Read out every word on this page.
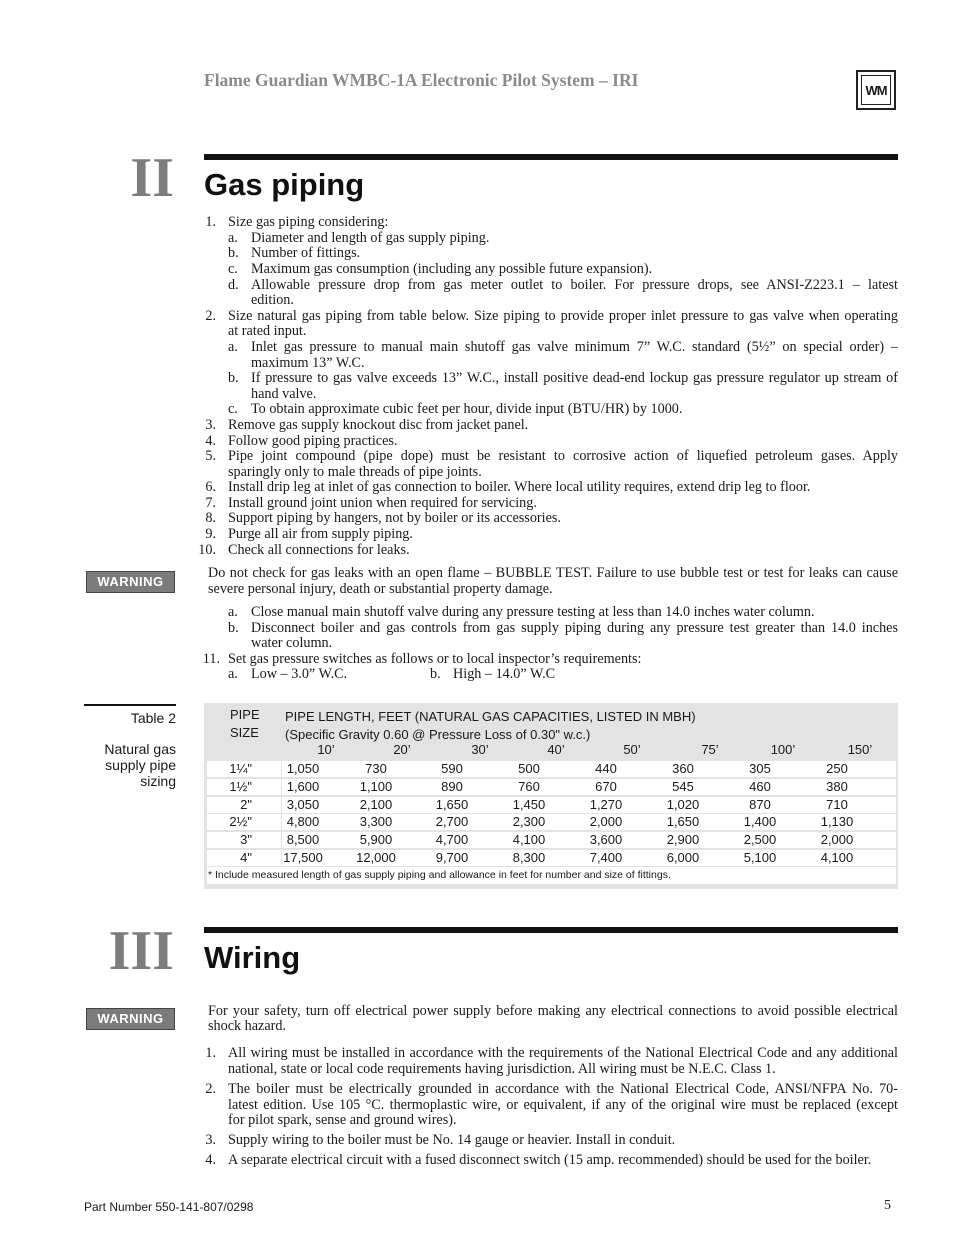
Flame Guardian WMBC-1A Electronic Pilot System – IRI	WM
II Gas piping
1. Size gas piping considering:
a. Diameter and length of gas supply piping.
b. Number of fittings.
c. Maximum gas consumption (including any possible future expansion).
d. Allowable pressure drop from gas meter outlet to boiler. For pressure drops, see ANSI-Z223.1 – latest
edition.
2. Size natural gas piping from table below. Size piping to provide proper inlet pressure to gas valve when operating
at rated input.
a. Inlet gas pressure to manual main shutoff gas valve minimum 7” W.C. standard (5½” on special order) –
maximum 13” W.C.
b. If pressure to gas valve exceeds 13” W.C., install positive dead-end lockup gas pressure regulator up stream of
hand valve.
c. To obtain approximate cubic feet per hour, divide input (BTU/HR) by 1000.
3. Remove gas supply knockout disc from jacket panel.
4. Follow good piping practices.
5. Pipe joint compound (pipe dope) must be resistant to corrosive action of liquefied petroleum gases. Apply
sparingly only to male threads of pipe joints.
6. Install drip leg at inlet of gas connection to boiler. Where local utility requires, extend drip leg to floor.
7. Install ground joint union when required for servicing.
8. Support piping by hangers, not by boiler or its accessories.
9. Purge all air from supply piping.
10. Check all connections for leaks.
WARNING
Do not check for gas leaks with an open flame – BUBBLE TEST. Failure to use bubble test or test for leaks can cause
severe personal injury, death or substantial property damage.
a. Close manual main shutoff valve during any pressure testing at less than 14.0 inches water column.
b. Disconnect boiler and gas controls from gas supply piping during any pressure test greater than 14.0 inches
water column.
11. Set gas pressure switches as follows or to local inspector’s requirements:
a. Low – 3.0” W.C.	b. High – 14.0” W.C
Table 2
Natural gas
supply pipe
sizing
PIPE
SIZE
PIPE LENGTH, FEET (NATURAL GAS CAPACITIES, LISTED IN MBH)
(Specific Gravity 0.60 @ Pressure Loss of 0.30" w.c.)
10’	20’	30’	40’	50’	75’	100’	150’
1¼"	1,050	730	590	500	440	360	305	250
1½"	1,600	1,100	890	760	670	545	460	380
2"	3,050	2,100	1,650	1,450	1,270	1,020	870	710
2½"	4,800	3,300	2,700	2,300	2,000	1,650	1,400	1,130
3"	8,500	5,900	4,700	4,100	3,600	2,900	2,500	2,000
4"	17,500	12,000	9,700	8,300	7,400	6,000	5,100	4,100
* Include measured length of gas supply piping and allowance in feet for number and size of fittings.
III Wiring
WARNING	For your safety, turn off electrical power supply before making any electrical connections to avoid possible electrical
shock hazard.
1. All wiring must be installed in accordance with the requirements of the National Electrical Code and any additional
national, state or local code requirements having jurisdiction. All wiring must be N.E.C. Class 1.
2. The boiler must be electrically grounded in accordance with the National Electrical Code, ANSI/NFPA No. 70-
latest edition. Use 105 °C. thermoplastic wire, or equivalent, if any of the original wire must be replaced (except
for pilot spark, sense and ground wires).
3. Supply wiring to the boiler must be No. 14 gauge or heavier. Install in conduit.
4. A separate electrical circuit with a fused disconnect switch (15 amp. recommended) should be used for the boiler.
Part Number 550-141-807/0298	5
